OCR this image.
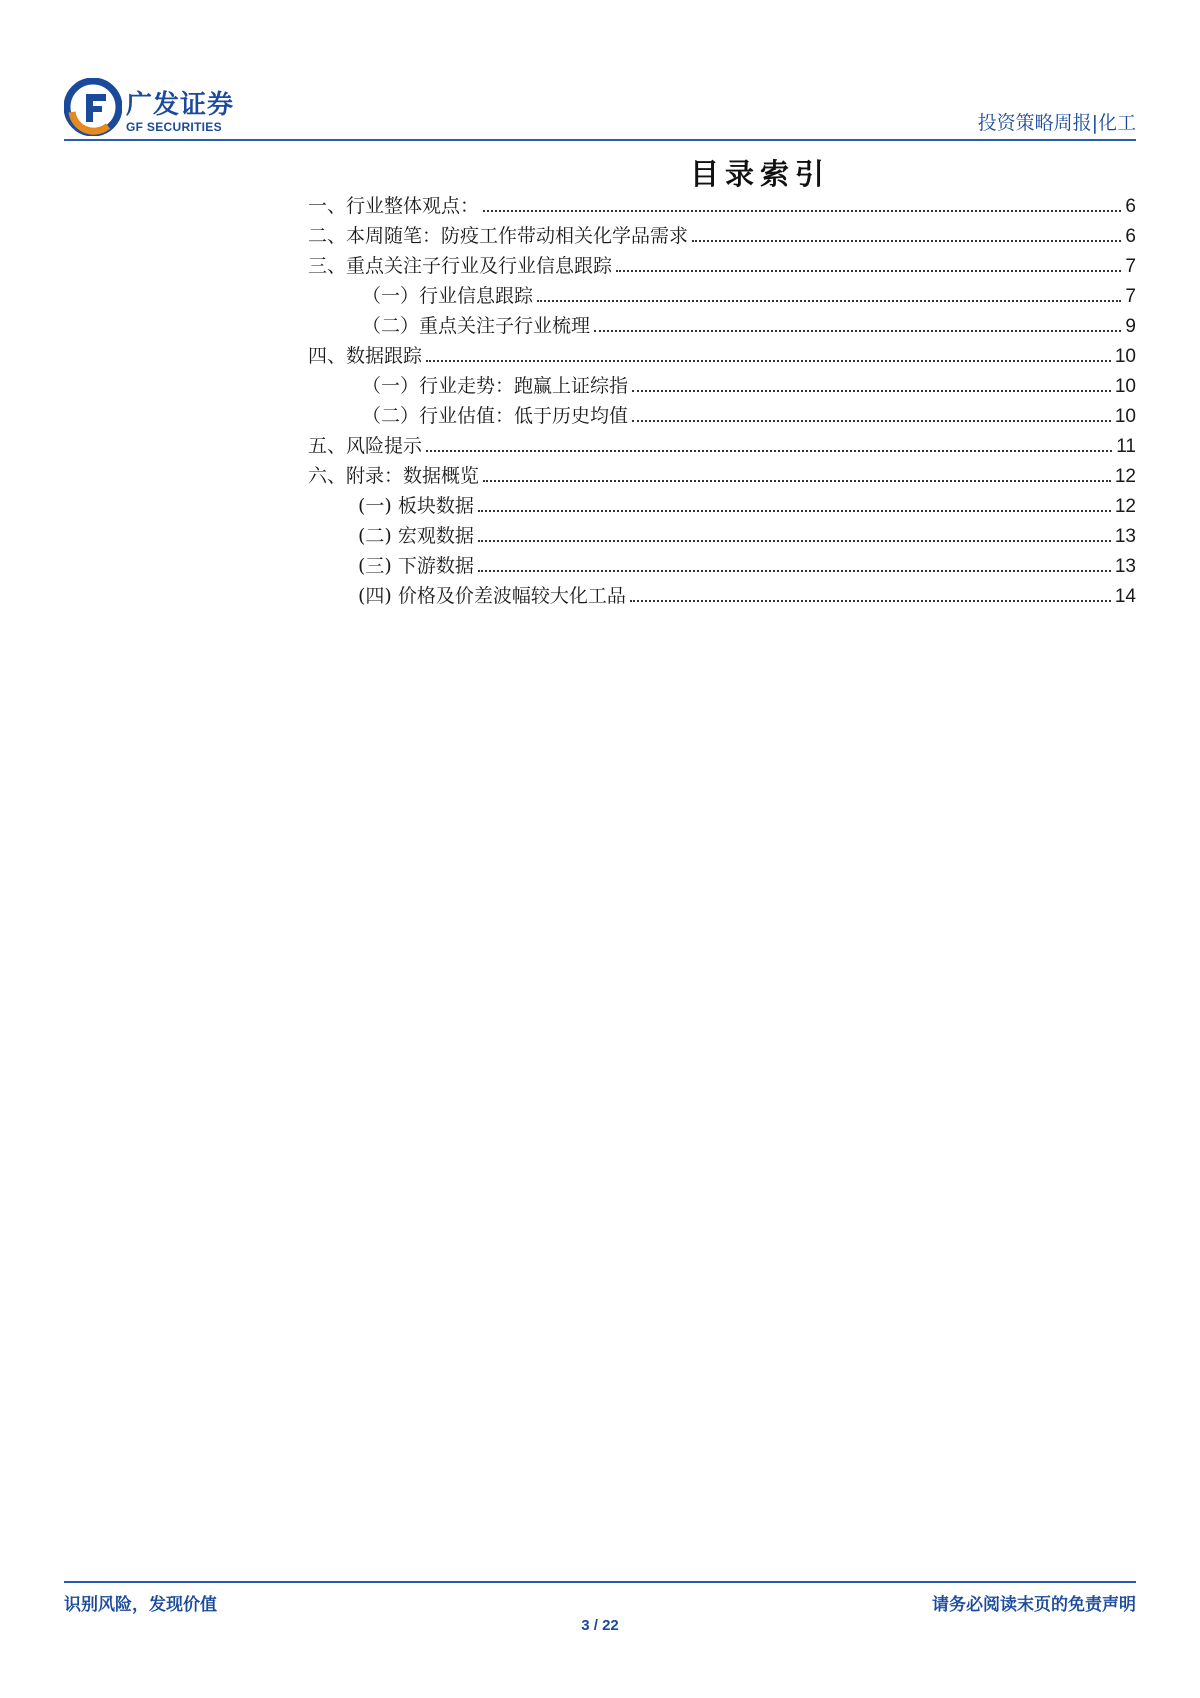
广发证券
GF SECURITIES	投资策略周报|化工
目录索引
一、行业整体观点：	6
二、本周随笔：防疫工作带动相关化学品需求	6
三、重点关注子行业及行业信息跟踪	7
（一）行业信息跟踪	7
（二）重点关注子行业梳理	9
四、数据跟踪	10
（一）行业走势：跑赢上证综指	10
（二）行业估值：低于历史均值	10
五、风险提示	11
六、附录：数据概览	12
(一) 板块数据	12
(二) 宏观数据	13
(三) 下游数据	13
(四) 价格及价差波幅较大化工品	14
识别风险，发现价值	请务必阅读末页的免责声明
3 / 22
